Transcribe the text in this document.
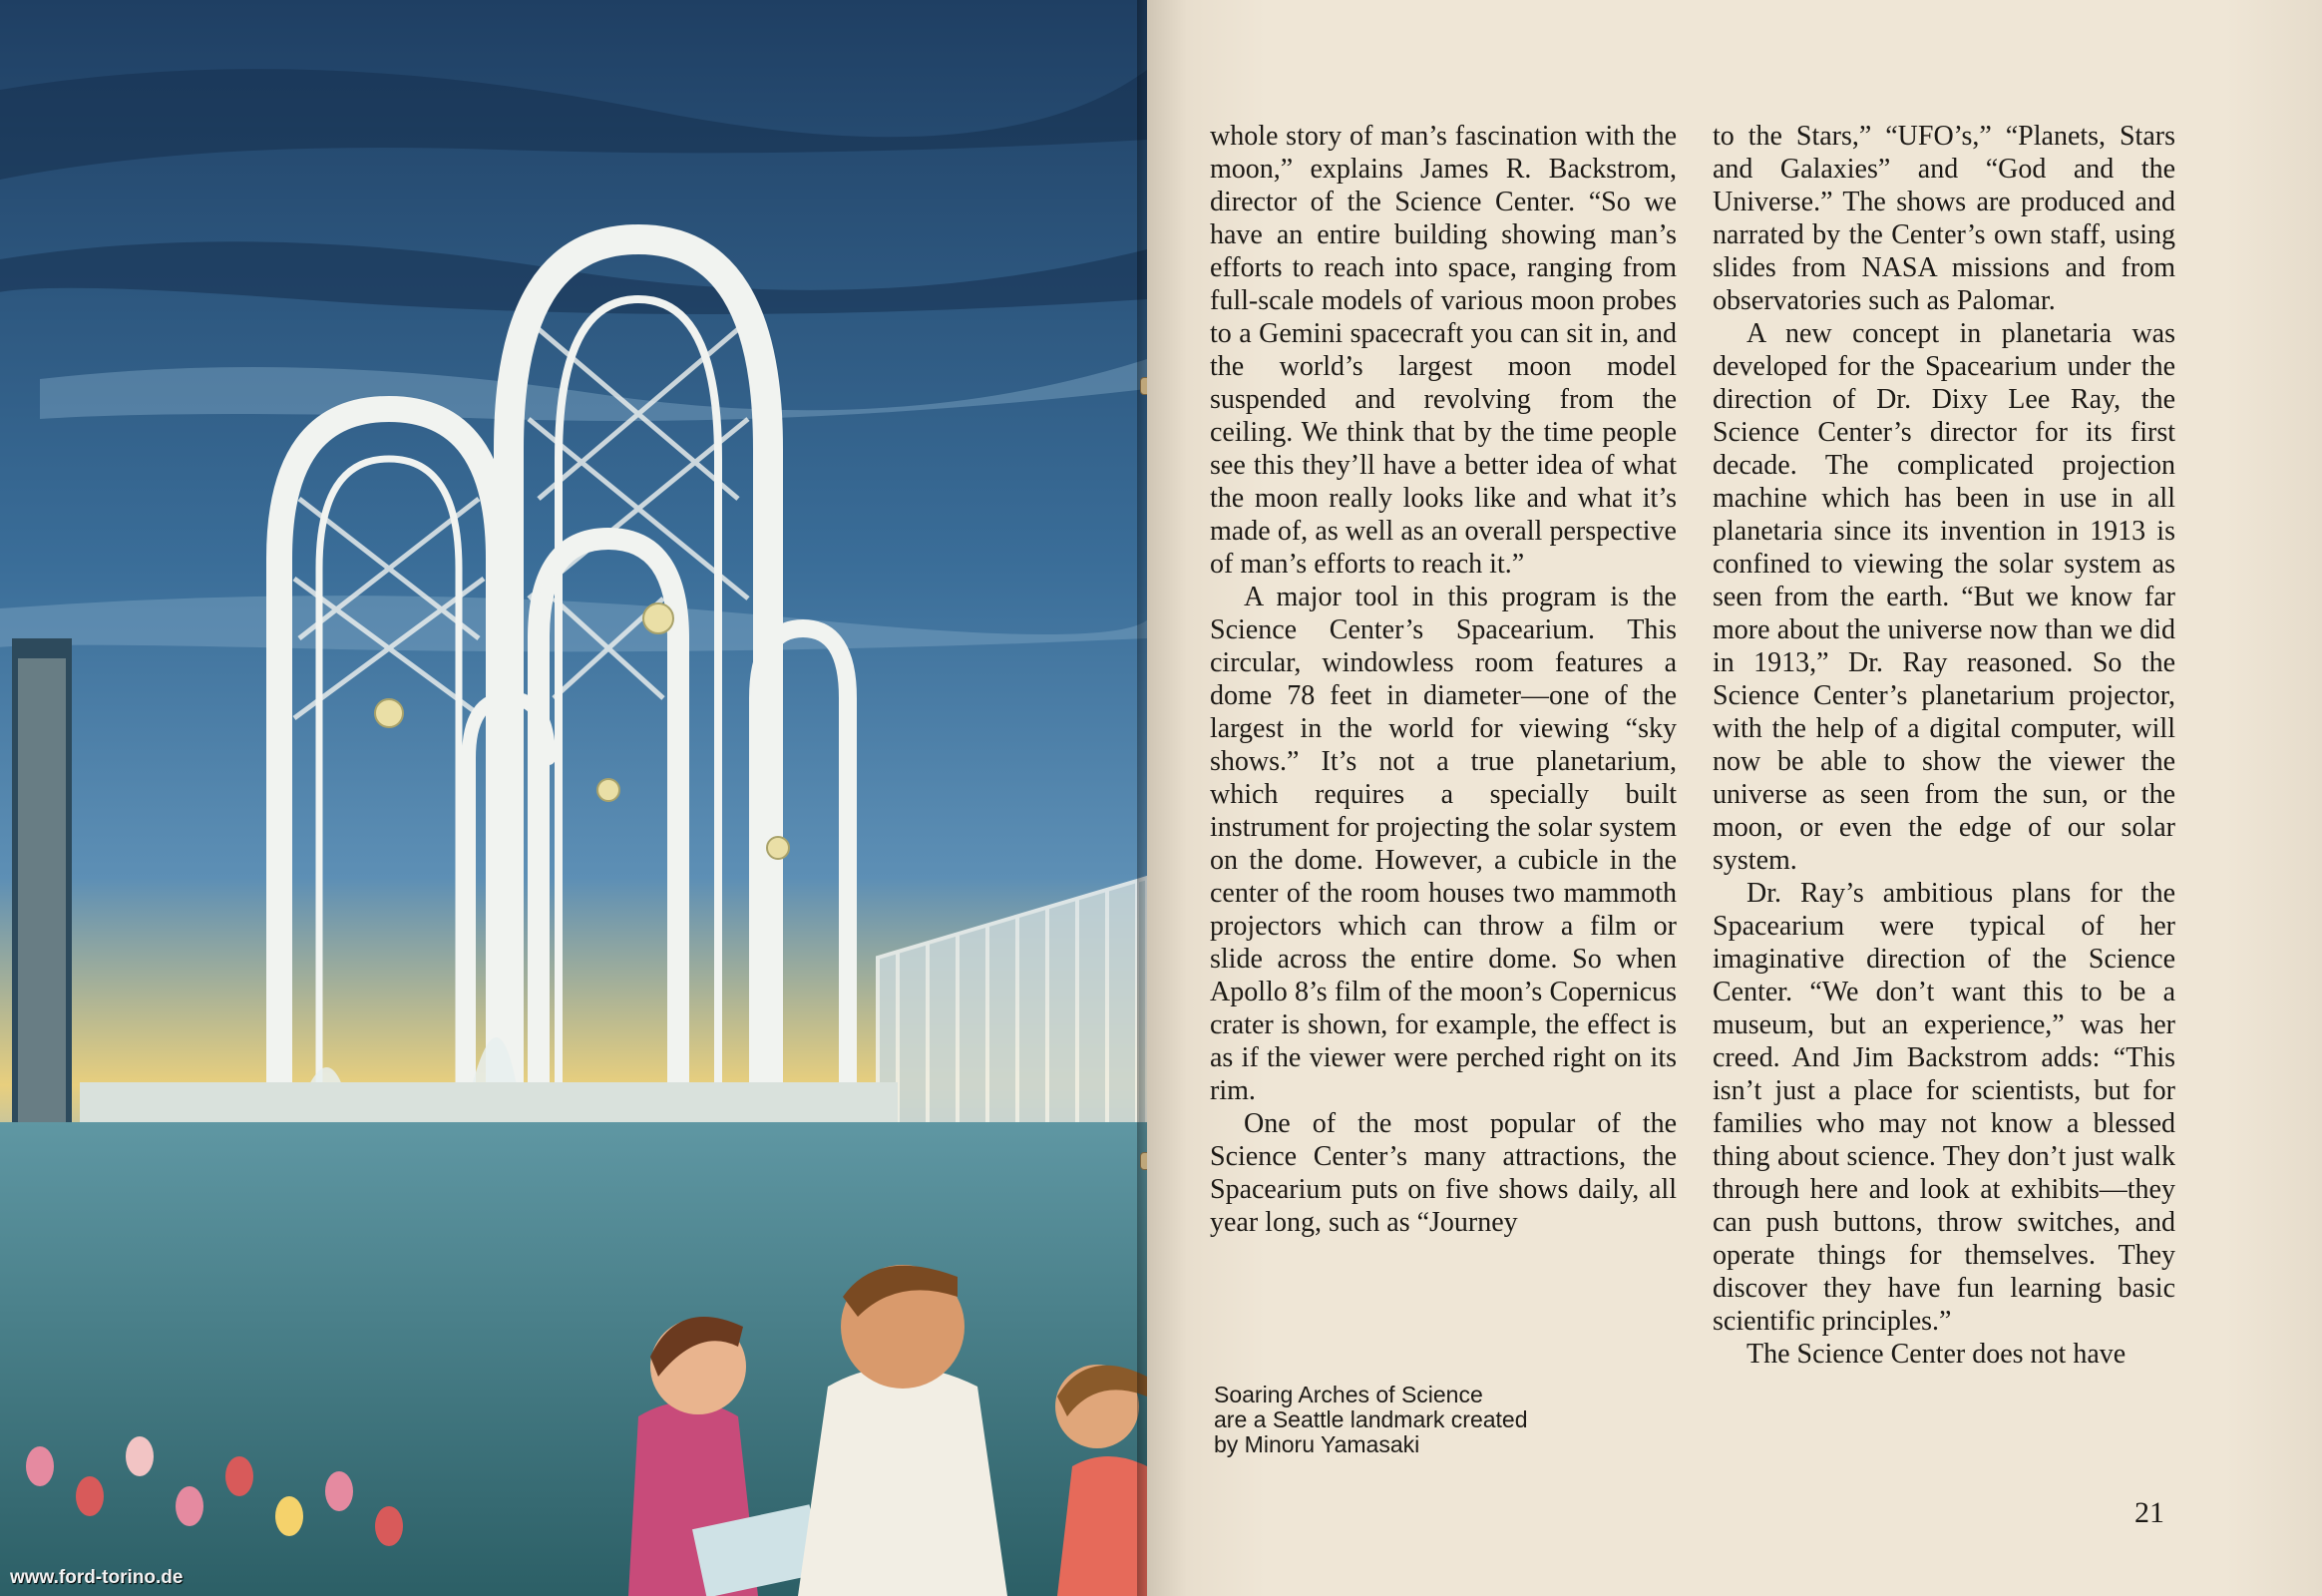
www.ford-torino.de

whole story of man’s fascination with the moon,” explains James R. Backstrom, director of the Science Center. “So we have an entire building showing man’s efforts to reach into space, ranging from full-scale models of various moon probes to a Gemini spacecraft you can sit in, and the world’s largest moon model suspended and revolving from the ceiling. We think that by the time people see this they’ll have a better idea of what the moon really looks like and what it’s made of, as well as an overall perspective of man’s efforts to reach it.”

A major tool in this program is the Science Center’s Spacearium. This circular, windowless room features a dome 78 feet in diameter—one of the largest in the world for viewing “sky shows.” It’s not a true planetarium, which requires a specially built instrument for projecting the solar system on the dome. However, a cubicle in the center of the room houses two mammoth projectors which can throw a film or slide across the entire dome. So when Apollo 8’s film of the moon’s Copernicus crater is shown, for example, the effect is as if the viewer were perched right on its rim.

One of the most popular of the Science Center’s many attractions, the Spacearium puts on five shows daily, all year long, such as “Journey

to the Stars,” “UFO’s,” “Planets, Stars and Galaxies” and “God and the Universe.” The shows are produced and narrated by the Center’s own staff, using slides from NASA missions and from observatories such as Palomar.

A new concept in planetaria was developed for the Spacearium under the direction of Dr. Dixy Lee Ray, the Science Center’s director for its first decade. The complicated projection machine which has been in use in all planetaria since its invention in 1913 is confined to viewing the solar system as seen from the earth. “But we know far more about the universe now than we did in 1913,” Dr. Ray reasoned. So the Science Center’s planetarium projector, with the help of a digital computer, will now be able to show the viewer the universe as seen from the sun, or the moon, or even the edge of our solar system.

Dr. Ray’s ambitious plans for the Spacearium were typical of her imaginative direction of the Science Center. “We don’t want this to be a museum, but an experience,” was her creed. And Jim Backstrom adds: “This isn’t just a place for scientists, but for families who may not know a blessed thing about science. They don’t just walk through here and look at exhibits—they can push buttons, throw switches, and operate things for themselves. They discover they have fun learning basic scientific principles.”

The Science Center does not have

Soaring Arches of Science
are a Seattle landmark created
by Minoru Yamasaki
21
